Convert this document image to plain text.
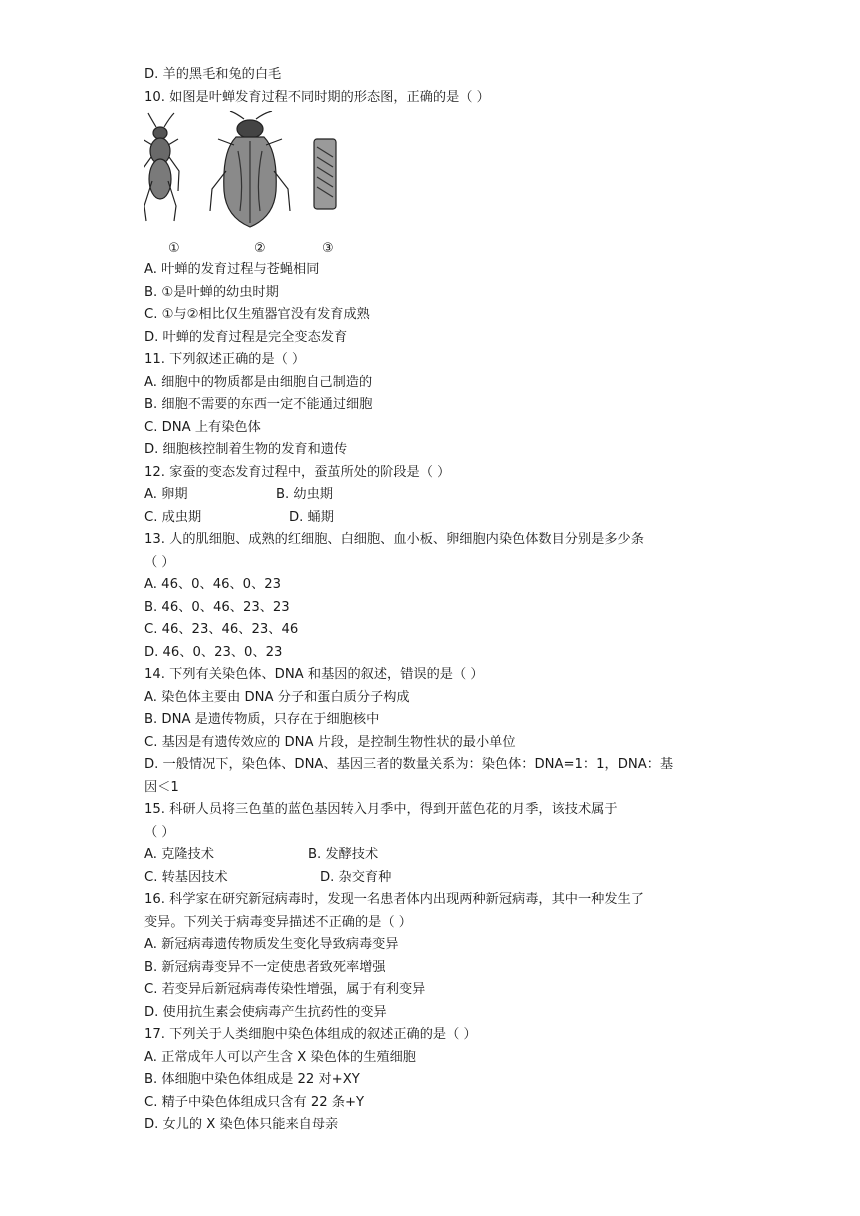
D. 羊的黑毛和兔的白毛
10. 如图是叶蝉发育过程不同时期的形态图，正确的是（ ）
①	②	③
A. 叶蝉的发育过程与苍蝇相同
B. ①是叶蝉的幼虫时期
C. ①与②相比仅生殖器官没有发育成熟
D. 叶蝉的发育过程是完全变态发育
11. 下列叙述正确的是（ ）
A. 细胞中的物质都是由细胞自己制造的
B. 细胞不需要的东西一定不能通过细胞
C. DNA 上有染色体
D. 细胞核控制着生物的发育和遗传
12. 家蚕的变态发育过程中，蚕茧所处的阶段是（ ）
A. 卵期	B. 幼虫期
C. 成虫期	D. 蛹期
13. 人的肌细胞、成熟的红细胞、白细胞、血小板、卵细胞内染色体数目分别是多少条
（ ）
A. 46、0、46、0、23
B. 46、0、46、23、23
C. 46、23、46、23、46
D. 46、0、23、0、23
14. 下列有关染色体、DNA 和基因的叙述，错误的是（ ）
A. 染色体主要由 DNA 分子和蛋白质分子构成
B. DNA 是遗传物质，只存在于细胞核中
C. 基因是有遗传效应的 DNA 片段，是控制生物性状的最小单位
D. 一般情况下，染色体、DNA、基因三者的数量关系为：染色体：DNA=1：1，DNA：基
因＜1
15. 科研人员将三色堇的蓝色基因转入月季中，得到开蓝色花的月季，该技术属于
（ ）
A. 克隆技术	B. 发酵技术
C. 转基因技术	D. 杂交育种
16. 科学家在研究新冠病毒时，发现一名患者体内出现两种新冠病毒，其中一种发生了
变异。下列关于病毒变异描述不正确的是（ ）
A. 新冠病毒遗传物质发生变化导致病毒变异
B. 新冠病毒变异不一定使患者致死率增强
C. 若变异后新冠病毒传染性增强，属于有利变异
D. 使用抗生素会使病毒产生抗药性的变异
17. 下列关于人类细胞中染色体组成的叙述正确的是（ ）
A. 正常成年人可以产生含 X 染色体的生殖细胞
B. 体细胞中染色体组成是 22 对+XY
C. 精子中染色体组成只含有 22 条+Y
D. 女儿的 X 染色体只能来自母亲
